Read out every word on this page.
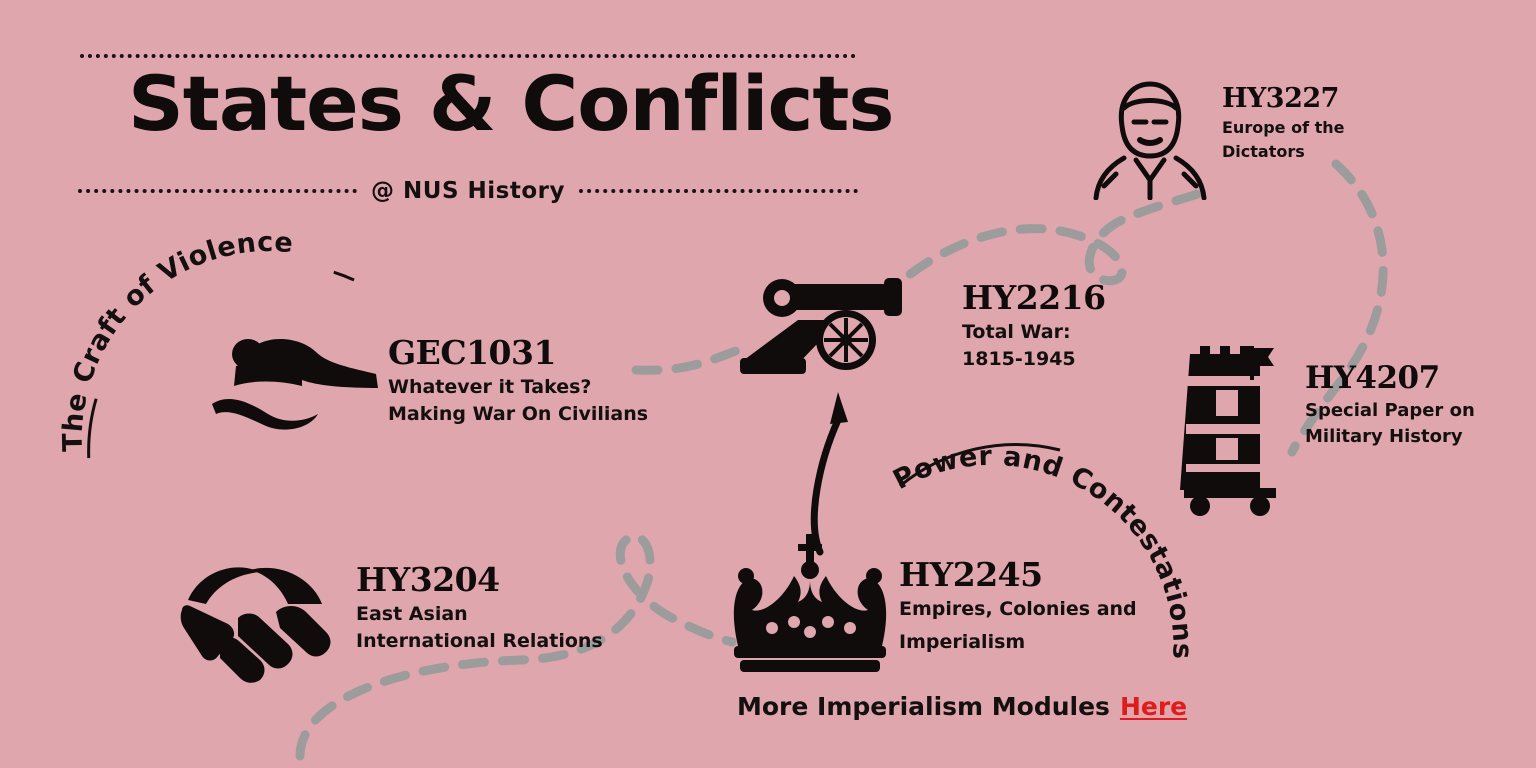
States & Conflicts
@ NUS History
The Craft of Violence
Power and Contestations
GEC1031
Whatever it Takes?
Making War On Civilians
HY2216
Total War:
1815-1945
HY3227
Europe of the
Dictators
HY4207
Special Paper on
Military History
HY3204
East Asian
International Relations
HY2245
Empires, Colonies and
Imperialism
More Imperialism Modules Here
